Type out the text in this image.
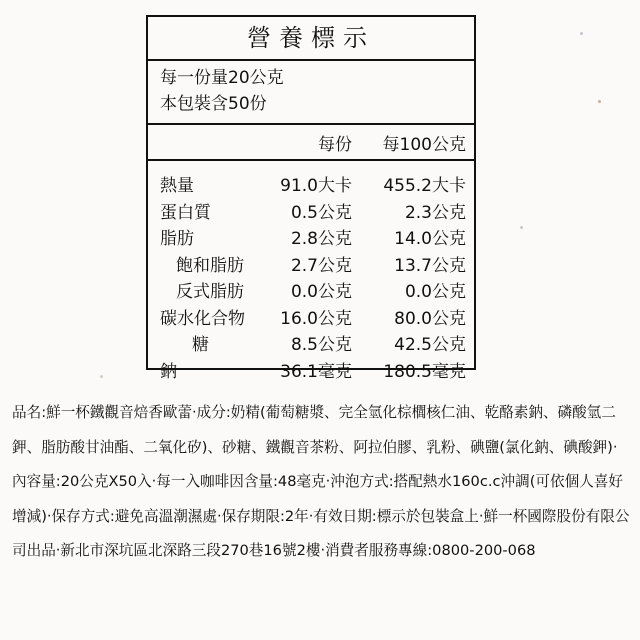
營養標示
每一份量20公克
本包裝含50份
每份 每100公克
熱量	91.0大卡 455.2大卡
蛋白質	0.5公克	2.3公克
脂肪	2.8公克 14.0公克
飽和脂肪	2.7公克 13.7公克
反式脂肪	0.0公克	0.0公克
碳水化合物 16.0公克 80.0公克
糖	8.5公克 42.5公克
鈉	36.1毫克 180.5毫克

品名:鮮一杯鐵觀音焙香歐蕾‧成分:奶精(葡萄糖漿、完全氫化棕櫚核仁油、乾酪素鈉、磷酸氫二鉀、脂肪酸甘油酯、二氧化矽)、砂糖、鐵觀音茶粉、阿拉伯膠、乳粉、碘鹽(氯化鈉、碘酸鉀)‧內容量:20公克X50入‧每一入咖啡因含量:48毫克‧沖泡方式:搭配熱水160c.c沖調(可依個人喜好增減)‧保存方式:避免高溫潮濕處‧保存期限:2年‧有效日期:標示於包裝盒上‧鮮一杯國際股份有限公司出品‧新北市深坑區北深路三段270巷16號2樓‧消費者服務專線:0800-200-068
